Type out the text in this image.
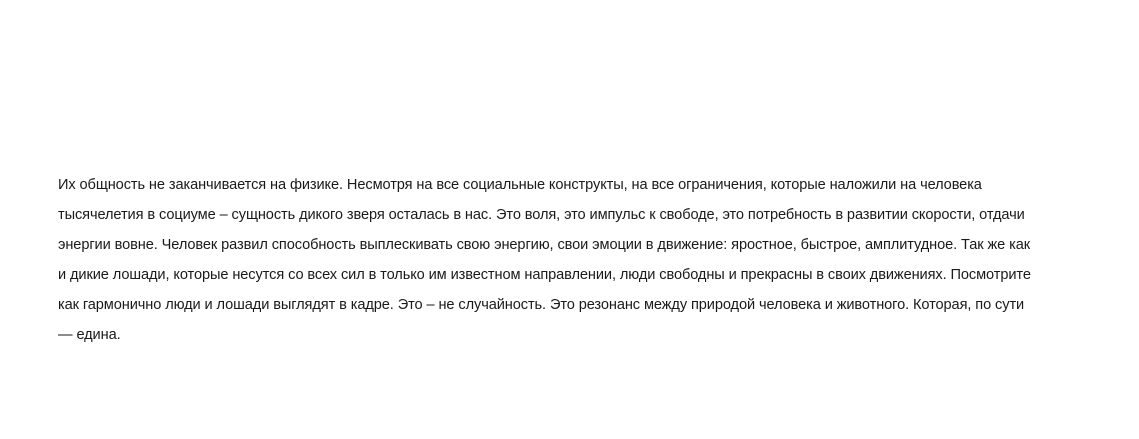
Их общность не заканчивается на физике. Несмотря на все социальные конструкты, на все ограничения, которые наложили на человека
тысячелетия в социуме – сущность дикого зверя осталась в нас. Это воля, это импульс к свободе, это потребность в развитии скорости, отдачи
энергии вовне. Человек развил способность выплескивать свою энергию, свои эмоции в движение: яростное, быстрое, амплитудное. Так же как
и дикие лошади, которые несутся со всех сил в только им известном направлении, люди свободны и прекрасны в своих движениях. Посмотрите
как гармонично люди и лошади выглядят в кадре. Это – не случайность. Это резонанс между природой человека и животного. Которая, по сути
— едина.
